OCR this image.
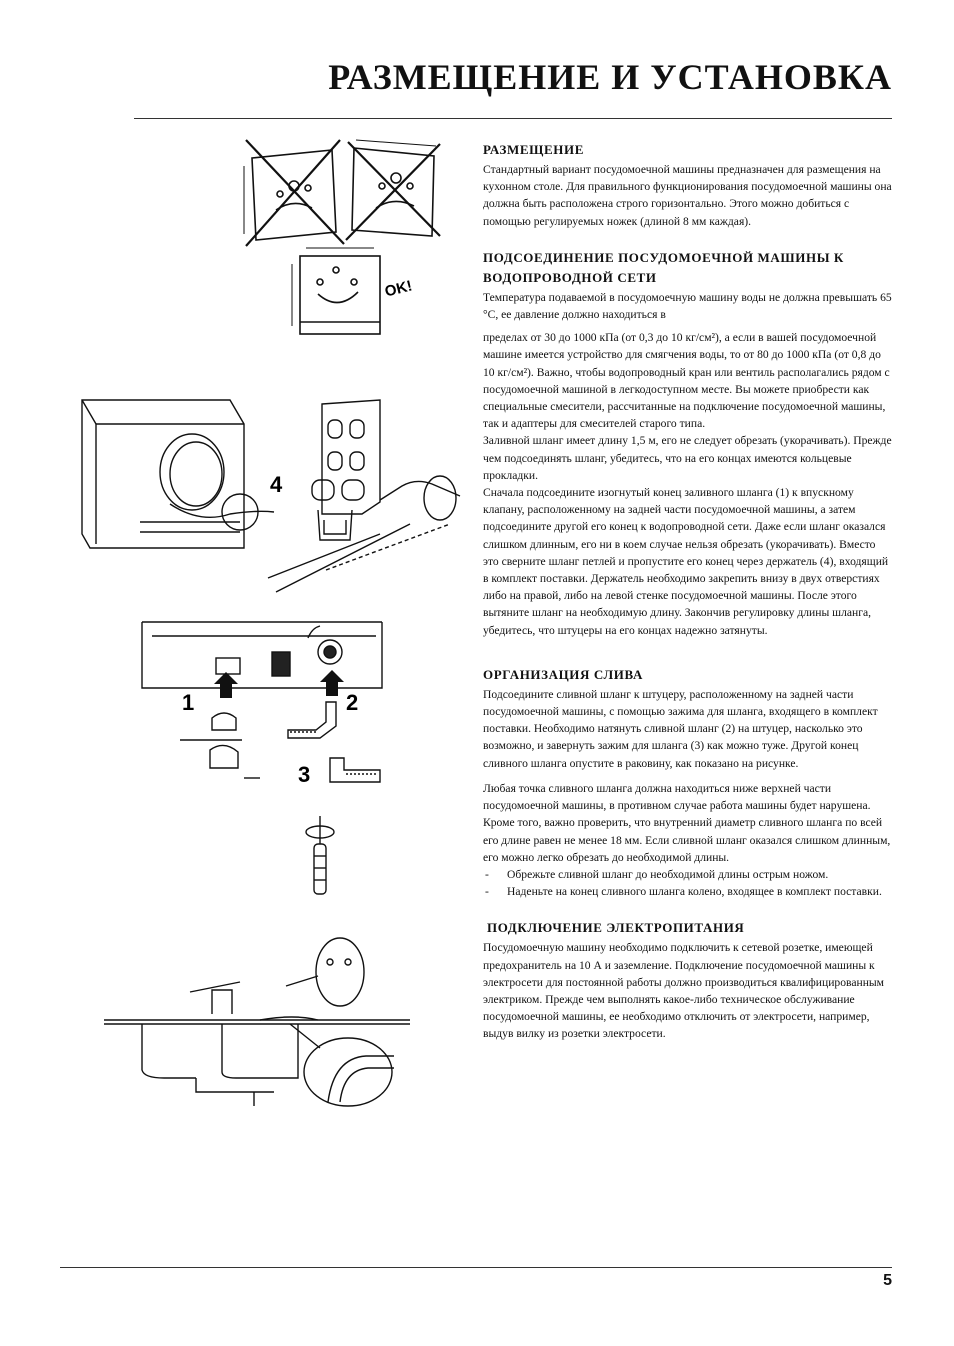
РАЗМЕЩЕНИЕ И УСТАНОВКА
OK!
4
1	2
3
РАЗМЕЩЕНИЕ

Стандартный вариант посудомоечной машины предназначен для размещения на кухонном столе. Для правильного функционирования посудомоечной машины она должна быть расположена строго горизонтально. Этого можно добиться с помощью регулируемых ножек (длиной 8 мм каждая).

ПОДСОЕДИНЕНИЕ ПОСУДОМОЕЧНОЙ МАШИНЫ К ВОДОПРОВОДНОЙ СЕТИ

Температура подаваемой в посудомоечную машину воды не должна превышать 65 °С, ее давление должно находиться в

пределах от 30 до 1000 кПа (от 0,3 до 10 кг/см²), а если в вашей посудомоечной машине имеется устройство для смягчения воды, то от 80 до 1000 кПа (от 0,8 до 10 кг/см²). Важно, чтобы водопроводный кран или вентиль располагались рядом с посудомоечной машиной в легкодоступном месте. Вы можете приобрести как специальные смесители, рассчитанные на подключение посудомоечной машины, так и адаптеры для смесителей старого типа.

Заливной шланг имеет длину 1,5 м, его не следует обрезать (укорачивать). Прежде чем подсоединять шланг, убедитесь, что на его концах имеются кольцевые прокладки.

Сначала подсоедините изогнутый конец заливного шланга (1) к впускному клапану, расположенному на задней части посудомоечной машины, а затем подсоедините другой его конец к водопроводной сети. Даже если шланг оказался слишком длинным, его ни в коем случае нельзя обрезать (укорачивать). Вместо это сверните шланг петлей и пропустите его конец через держатель (4), входящий в комплект поставки. Держатель необходимо закрепить внизу в двух отверстиях либо на правой, либо на левой стенке посудомоечной машины. После этого вытяните шланг на необходимую длину. Закончив регулировку длины шланга, убедитесь, что штуцеры на его концах надежно затянуты.

ОРГАНИЗАЦИЯ СЛИВА

Подсоедините сливной шланг к штуцеру, расположенному на задней части посудомоечной машины, с помощью зажима для шланга, входящего в комплект поставки. Необходимо натянуть сливной шланг (2) на штуцер, насколько это возможно, и завернуть зажим для шланга (3) как можно туже. Другой конец сливного шланга опустите в раковину, как показано на рисунке.

Любая точка сливного шланга должна находиться ниже верхней части посудомоечной машины, в противном случае работа машины будет нарушена. Кроме того, важно проверить, что внутренний диаметр сливного шланга по всей его длине равен не менее 18 мм. Если сливной шланг оказался слишком длинным, его можно легко обрезать до необходимой длины.

- Обрежьте сливной шланг до необходимой длины острым ножом.
- Наденьте на конец сливного шланга колено, входящее в комплект поставки.
ПОДКЛЮЧЕНИЕ ЭЛЕКТРОПИТАНИЯ

Посудомоечную машину необходимо подключить к сетевой розетке, имеющей предохранитель на 10 А и заземление. Подключение посудомоечной машины к электросети для постоянной работы должно производиться квалифицированным электриком. Прежде чем выполнять какое-либо техническое обслуживание посудомоечной машины, ее необходимо отключить от электросети, например, выдув вилку из розетки электросети.

5
